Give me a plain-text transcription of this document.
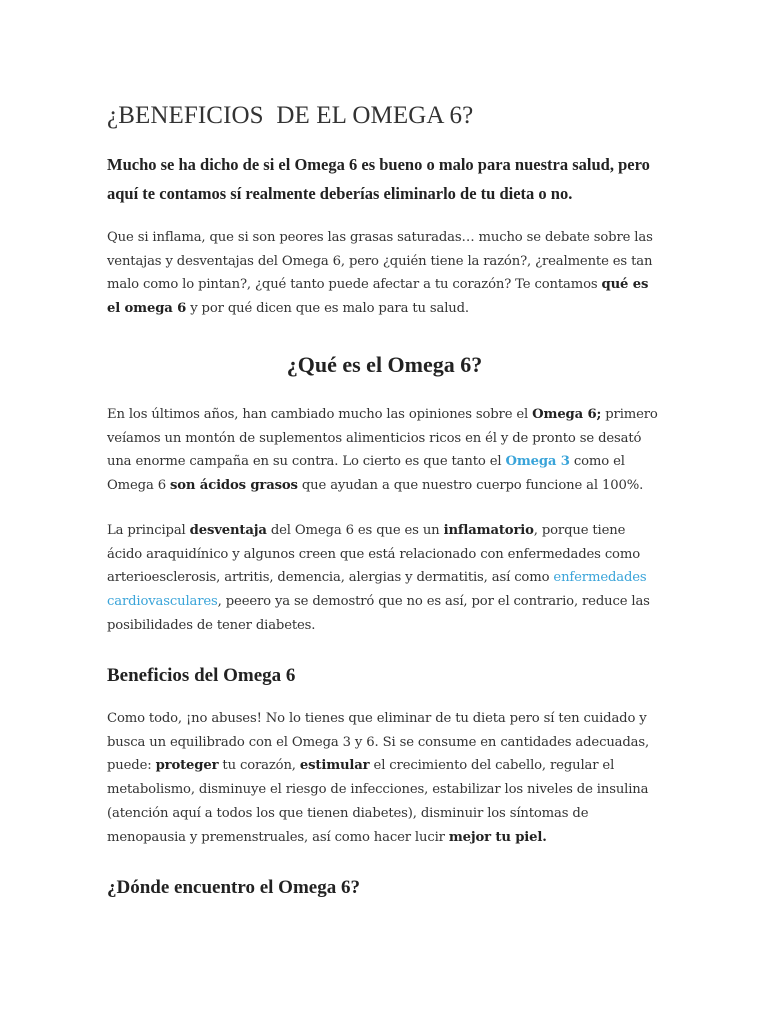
¿BENEFICIOS  DE EL OMEGA 6?

Mucho se ha dicho de si el Omega 6 es bueno o malo para nuestra salud, pero aquí te contamos sí realmente deberías eliminarlo de tu dieta o no.

Que si inflama, que si son peores las grasas saturadas… mucho se debate sobre las ventajas y desventajas del Omega 6, pero ¿quién tiene la razón?, ¿realmente es tan malo como lo pintan?, ¿qué tanto puede afectar a tu corazón? Te contamos qué es el omega 6 y por qué dicen que es malo para tu salud.

¿Qué es el Omega 6?

En los últimos años, han cambiado mucho las opiniones sobre el Omega 6; primero veíamos un montón de suplementos alimenticios ricos en él y de pronto se desató una enorme campaña en su contra. Lo cierto es que tanto el Omega 3 como el Omega 6 son ácidos grasos que ayudan a que nuestro cuerpo funcione al 100%.

La principal desventaja del Omega 6 es que es un inflamatorio, porque tiene ácido araquidínico y algunos creen que está relacionado con enfermedades como arterioesclerosis, artritis, demencia, alergias y dermatitis, así como enfermedades cardiovasculares, peeero ya se demostró que no es así, por el contrario, reduce las posibilidades de tener diabetes.

Beneficios del Omega 6

Como todo, ¡no abuses! No lo tienes que eliminar de tu dieta pero sí ten cuidado y busca un equilibrado con el Omega 3 y 6. Si se consume en cantidades adecuadas, puede: proteger tu corazón, estimular el crecimiento del cabello, regular el metabolismo, disminuye el riesgo de infecciones, estabilizar los niveles de insulina (atención aquí a todos los que tienen diabetes), disminuir los síntomas de menopausia y premenstruales, así como hacer lucir mejor tu piel.

¿Dónde encuentro el Omega 6?
